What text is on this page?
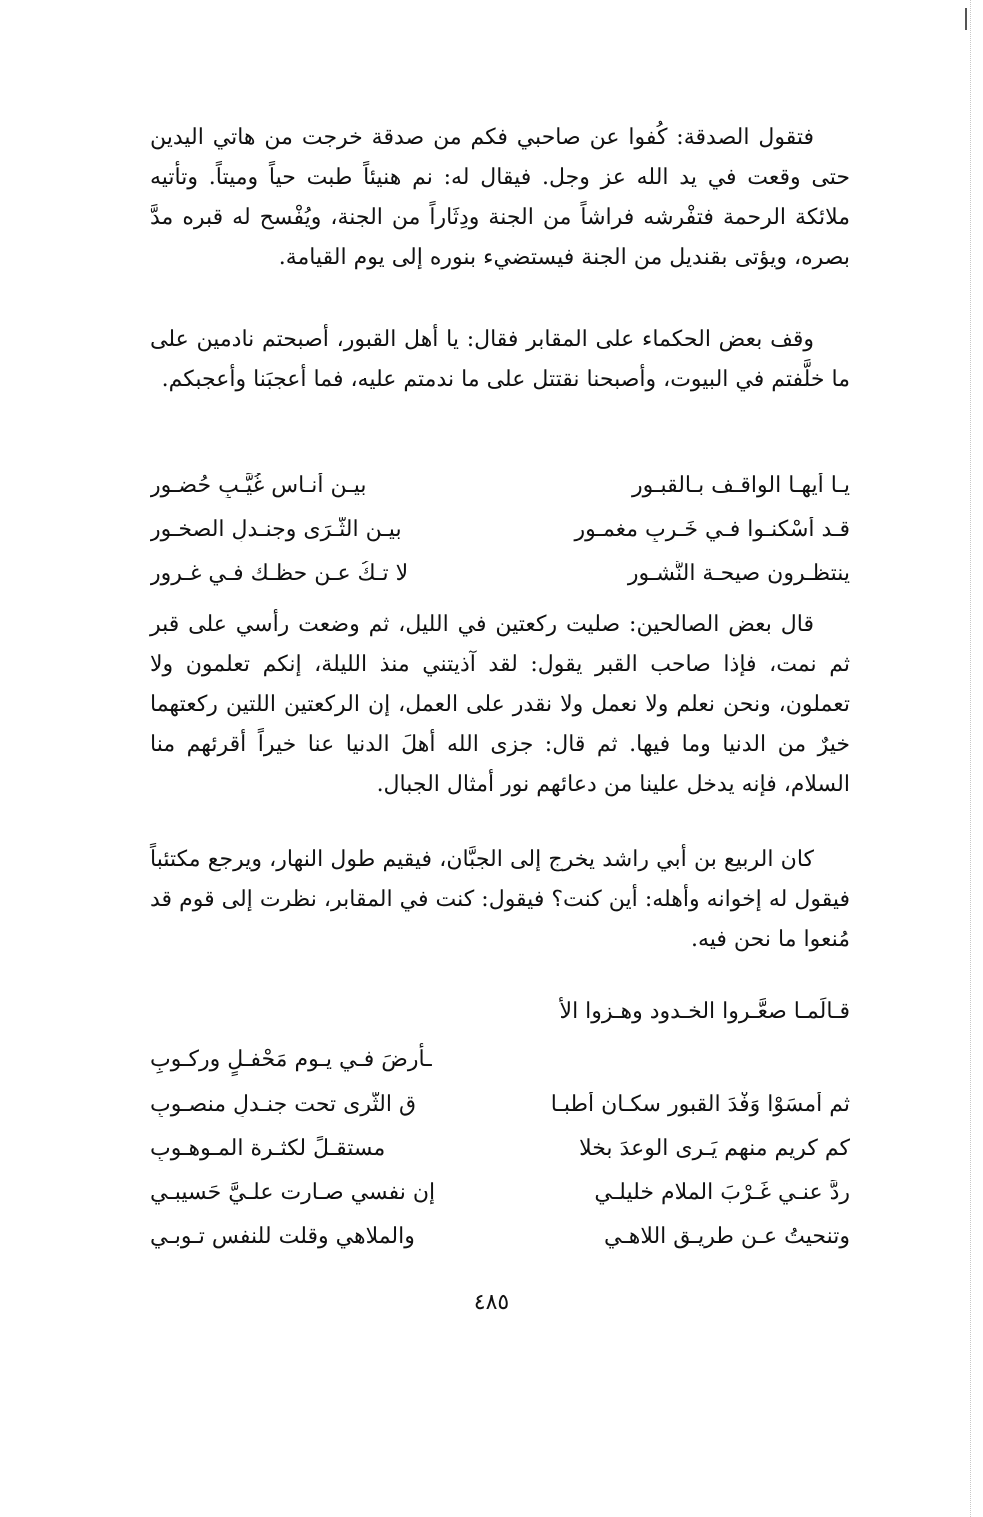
فتقول الصدقة: كُفوا عن صاحبي فكم من صدقة خرجت من هاتي اليدين حتى وقعت في يد الله عز وجل. فيقال له: نم هنيئاً طبت حياً وميتاً. وتأتيه ملائكة الرحمة فتفْرشه فراشاً من الجنة ودِثَاراً من الجنة، ويُفْسح له قبره مدَّ بصره، ويؤتى بقنديل من الجنة فيستضيء بنوره إلى يوم القيامة.

وقف بعض الحكماء على المقابر فقال: يا أهل القبور، أصبحتم نادمين على ما خلَّفتم في البيوت، وأصبحنا نقتتل على ما ندمتم عليه، فما أعجبَنا وأعجبكم.

يـا أيهـا الواقـف بـالقبـورِ
بيـن أُنـاسٍ غُيَّـبٍ حُضـورِ
قـد أُسْكنـوا فـي خَـرِبٍ مغمـور
بيـن الثَّـرَى وجنـدلِ الصخـورِ
ينتظـرون صيحـة النُّشـور
لا تـكُ عـن حظـك فـي غـرورِ

قال بعض الصالحين: صليت ركعتين في الليل، ثم وضعت رأسي على قبر ثم نمت، فإذا صاحب القبر يقول: لقد آذيتني منذ الليلة، إنكم تعلمون ولا تعملون، ونحن نعلم ولا نعمل ولا نقدر على العمل، إن الركعتين اللتين ركعتهما خيرٌ من الدنيا وما فيها. ثم قال: جزى الله أهلَ الدنيا عنا خيراً أقرئهم منا السلام، فإنه يدخل علينا من دعائهم نور أمثال الجبال.

كان الربيع بن أبي راشد يخرج إلى الجبَّان، فيقيم طول النهار، ويرجع مكتئباً فيقول له إخوانه وأهله: أين كنت؟ فيقول: كنت في المقابر، نظرت إلى قوم قد مُنعوا ما نحن فيه.

قـالَمـا صعَّـروا الخـدود وهـزوا الأ
ـأرضَ فـي يـوم مَحْفـلٍ وركـوبِ
ثم أمسَوْا وَفْدَ القبور سكـان أطبـا
ق الثَّرى تحت جنـدلٍ منصـوبِ
كم كريمٍ منهم يَـرى الوعدَ بخلا
مستقـلٍّ لكثـرة المـوهـوبِ
ردَّ عنـي غَـرْبَ الملام خليلـي
إن نفسي صـارت علـيَّ حَسيبـي
وتنحيتُ عـن طريـق اللاهـي
والملاهي وقلت للنفس تـوبـي
٤٨٥
